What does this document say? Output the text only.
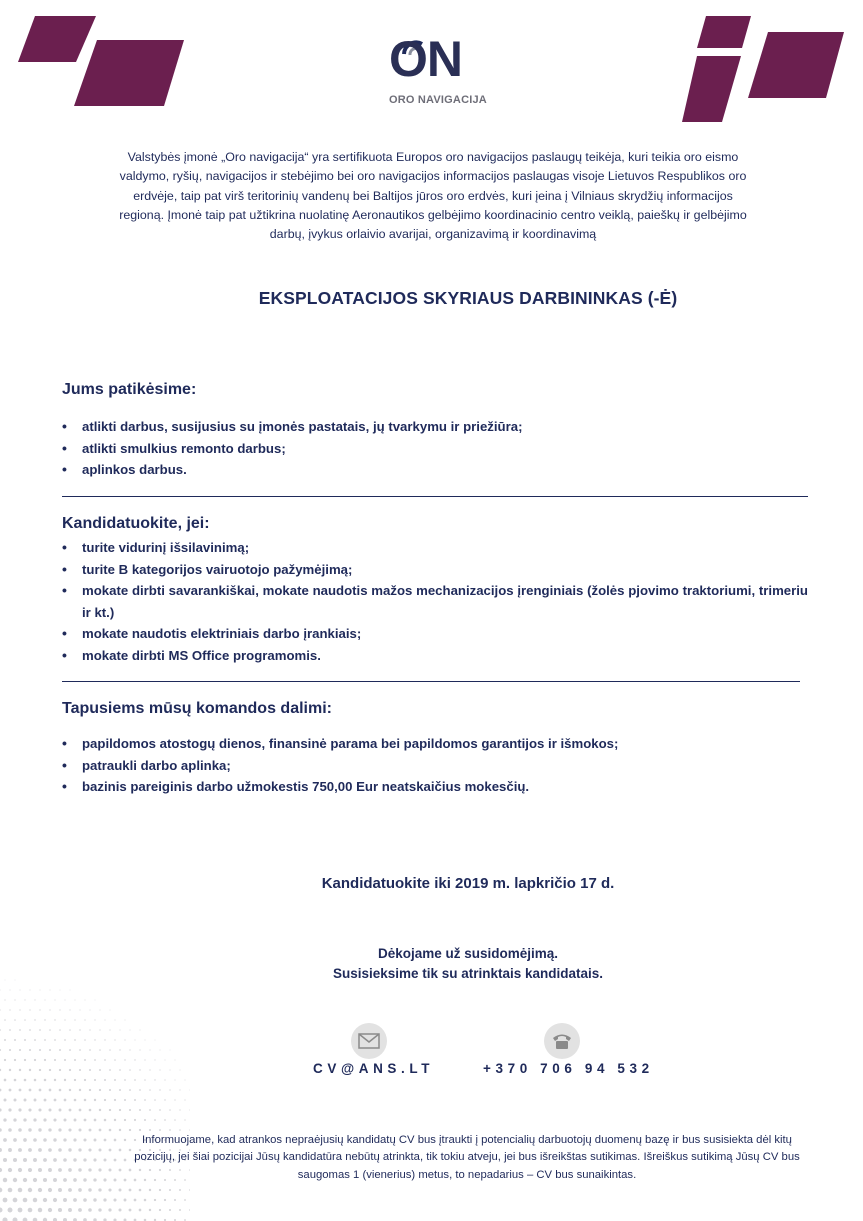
ON
ORO NAVIGACIJA
Valstybės įmonė „Oro navigacija“ yra sertifikuota Europos oro navigacijos paslaugų teikėja, kuri teikia oro eismo valdymo, ryšių, navigacijos ir stebėjimo bei oro navigacijos informacijos paslaugas visoje Lietuvos Respublikos oro erdvėje, taip pat virš teritorinių vandenų bei Baltijos jūros oro erdvės, kuri įeina į Vilniaus skrydžių informacijos regioną. Įmonė taip pat užtikrina nuolatinę Aeronautikos gelbėjimo koordinacinio centro veiklą, paieškų ir gelbėjimo darbų, įvykus orlaivio avarijai, organizavimą ir koordinavimą
EKSPLOATACIJOS SKYRIAUS DARBININKAS (-Ė)
Jums patikėsime:
• atlikti darbus, susijusius su įmonės pastatais, jų tvarkymu ir priežiūra;
• atlikti smulkius remonto darbus;
• aplinkos darbus.
Kandidatuokite, jei:
• turite vidurinį išsilavinimą;
• turite B kategorijos vairuotojo pažymėjimą;
• mokate dirbti savarankiškai, mokate naudotis mažos mechanizacijos įrenginiais (žolės pjovimo traktoriumi, trimeriu ir kt.)
• mokate naudotis elektriniais darbo įrankiais;
• mokate dirbti MS Office programomis.
Tapusiems mūsų komandos dalimi:
• papildomos atostogų dienos, finansinė parama bei papildomos garantijos ir išmokos;
• patraukli darbo aplinka;
• bazinis pareiginis darbo užmokestis 750,00 Eur neatskaičius mokesčių.
Kandidatuokite iki 2019 m. lapkričio 17 d.
Dėkojame už susidomėjimą.
Susisieksime tik su atrinktais kandidatais.
CV@ANS.LT	+370 706 94 532
Informuojame, kad atrankos nepraėjusių kandidatų CV bus įtraukti į potencialių darbuotojų duomenų bazę ir bus susisiekta dėl kitų pozicijų, jei šiai pozicijai Jūsų kandidatūra nebūtų atrinkta, tik tokiu atveju, jei bus išreikštas sutikimas. Išreiškus sutikimą Jūsų CV bus saugomas 1 (vienerius) metus, to nepadarius – CV bus sunaikintas.
